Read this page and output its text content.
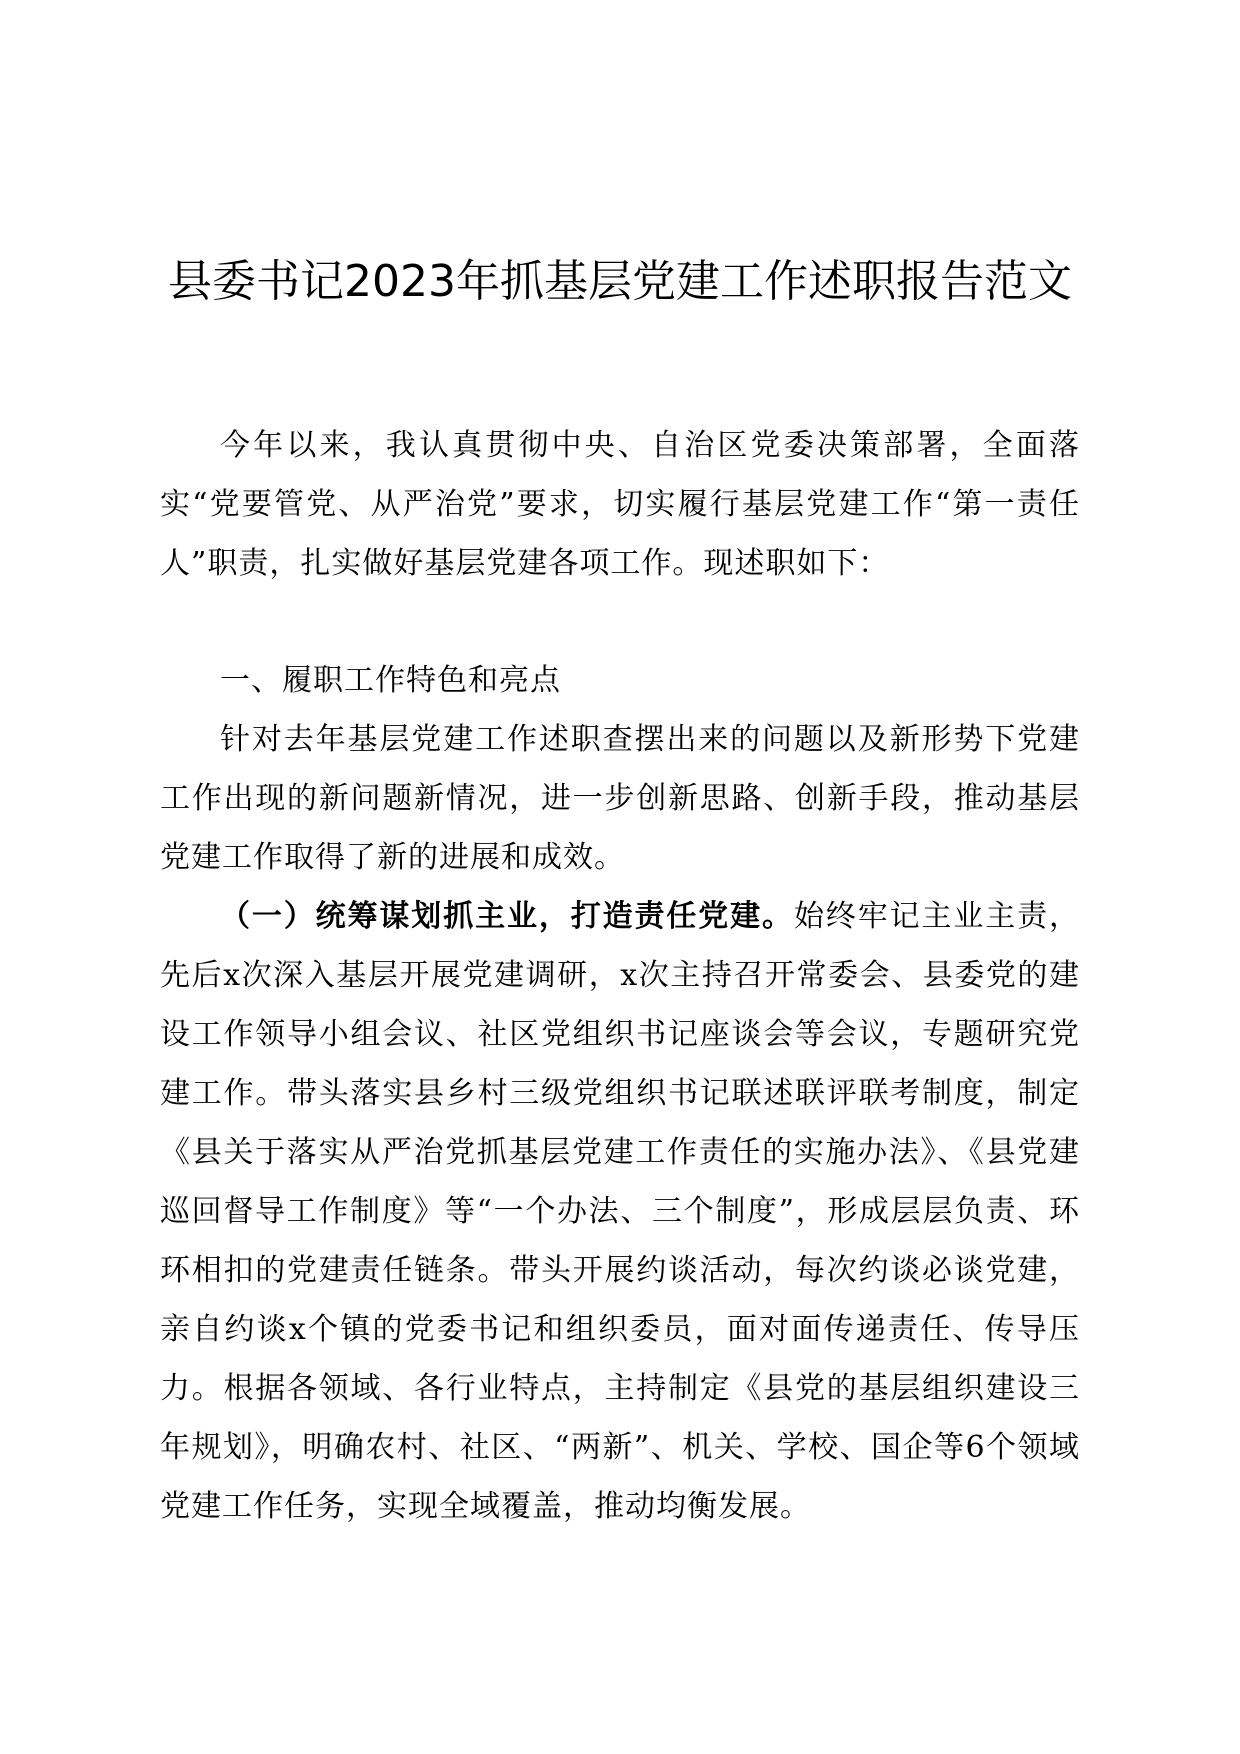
县委书记2023年抓基层党建工作述职报告范文

今年以来，我认真贯彻中央、自治区党委决策部署，全面落实“党要管党、从严治党”要求，切实履行基层党建工作“第一责任人”职责，扎实做好基层党建各项工作。现述职如下：

一、履职工作特色和亮点

针对去年基层党建工作述职查摆出来的问题以及新形势下党建工作出现的新问题新情况，进一步创新思路、创新手段，推动基层党建工作取得了新的进展和成效。

（一）统筹谋划抓主业，打造责任党建。始终牢记主业主责，先后x次深入基层开展党建调研，x次主持召开常委会、县委党的建设工作领导小组会议、社区党组织书记座谈会等会议，专题研究党建工作。带头落实县乡村三级党组织书记联述联评联考制度，制定《县关于落实从严治党抓基层党建工作责任的实施办法》、《县党建巡回督导工作制度》等“一个办法、三个制度”，形成层层负责、环环相扣的党建责任链条。带头开展约谈活动，每次约谈必谈党建，亲自约谈x个镇的党委书记和组织委员，面对面传递责任、传导压力。根据各领域、各行业特点，主持制定《县党的基层组织建设三年规划》，明确农村、社区、“两新”、机关、学校、国企等6个领域党建工作任务，实现全域覆盖，推动均衡发展。
